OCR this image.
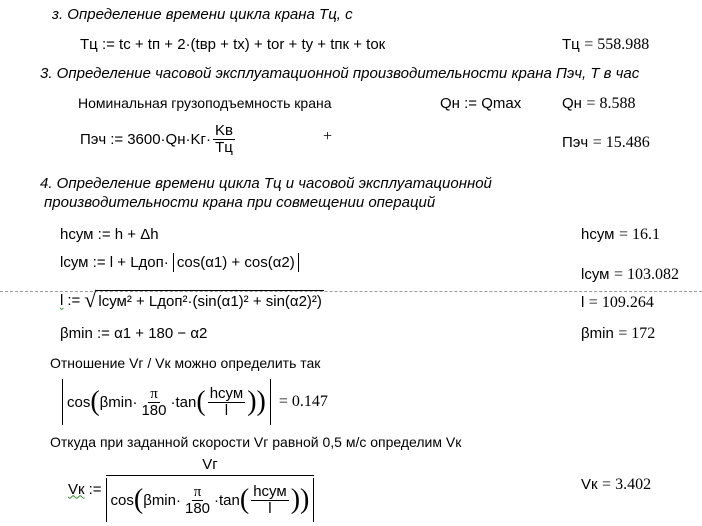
з. Определение времени цикла крана Tц, с
Tц := tc + tп + 2·(tвр + tx) + tor + ty + tпк + toк	Tц = 558.988
3. Определение часовой эксплуатационной производительности крана Пэч, Т в час
Номинальная грузоподъемность крана	Qн := Qmax	Qн = 8.588
Пэч := $3600\cdot Qн\cdot Kг\cdot \frac{Kв}{Tц}$	+	Пэч = 15.486
4. Определение времени цикла Tц и часовой эксплуатационной
производительности крана при совмещении операций
hсум := h + Δh	hсум = 16.1
lсум := l + Lдоп· cos(α1) + cos(α2)
lсум = 103.082
l := √ lсум² + Lдоп²·(sin(α1)² + sin(α2)²)	l = 109.264
βmin := α1 + 180 − α2	βmin = 172
Отношение Vг / Vк можно определить так
cos ( $\beta\min\cdot \frac{\pi}{180} \cdot\tan$ ( $\frac{\text{hсум}}{l}$ ) ) = 0.147
Откуда при заданной скорости Vг равной 0,5 м/с определим Vк
Vк :=
Vг
cos ( $\beta\min\cdot \frac{\pi}{180} \cdot\tan$ ( $\frac{\text{hсум}}{l}$ ) )	Vк = 3.402
